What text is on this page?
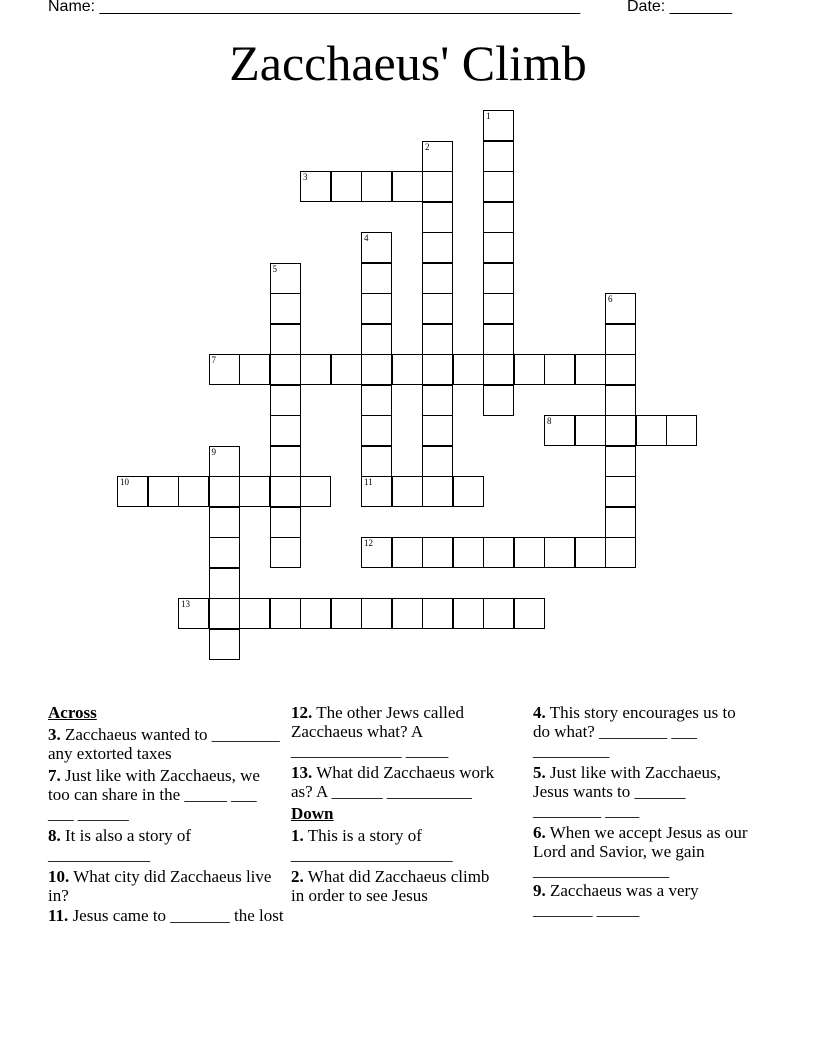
Name: ______________________________________________________	Date: _______
Zacchaeus' Climb
1
2
3
4
5
6
7
8
9
10	11
12
13
Across
3. Zacchaeus wanted to ________ any extorted taxes
7. Just like with Zacchaeus, we too can share in the _____ ___ ___ ______
8. It is also a story of ____________
10. What city did Zacchaeus live in?
11. Jesus came to _______ the lost
12. The other Jews called Zacchaeus what? A _____________ _____
13. What did Zacchaeus work as? A ______ __________
Down
1. This is a story of ___________________
2. What did Zacchaeus climb in order to see Jesus
4. This story encourages us to do what? ________ ___ _________
5. Just like with Zacchaeus, Jesus wants to ______ ________ ____
6. When we accept Jesus as our Lord and Savior, we gain ________________
9. Zacchaeus was a very _______ _____
